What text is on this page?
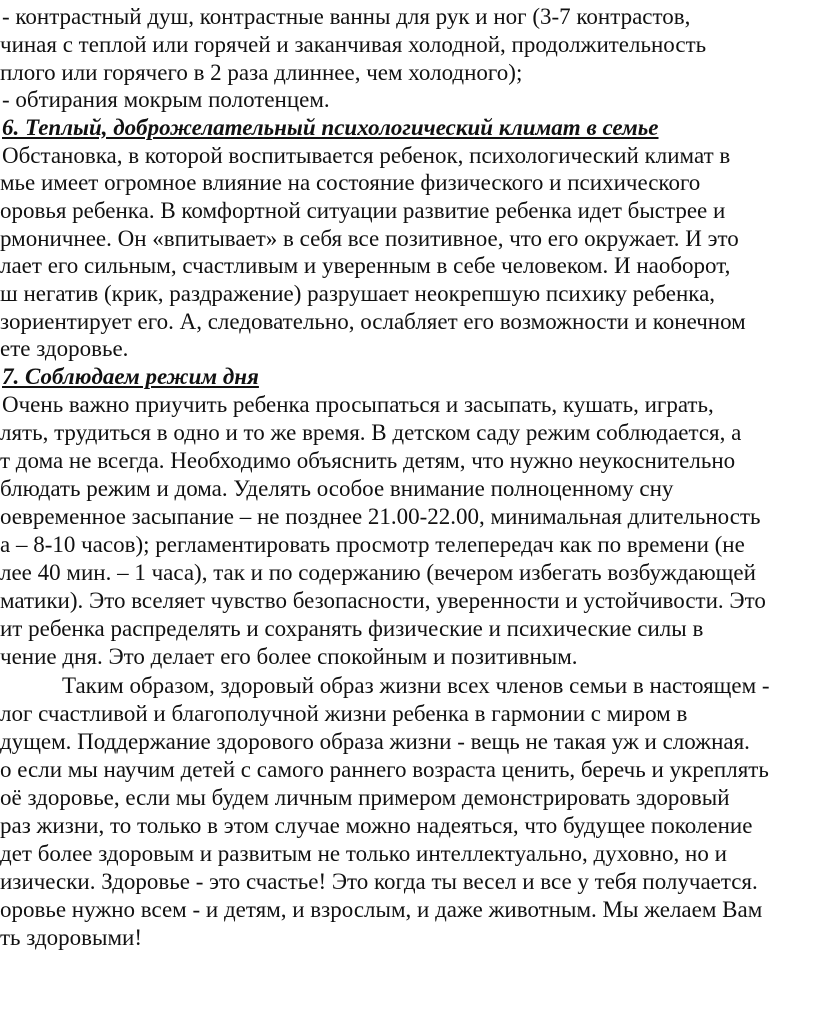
- контрастный душ, контрастные ванны для рук и ног (3-7 контрастов,
чиная с теплой или горячей и заканчивая холодной, продолжительность
плого или горячего в 2 раза длиннее, чем холодного);
- обтирания мокрым полотенцем.
6. Теплый, доброжелательный психологический климат в семье
Обстановка, в которой воспитывается ребенок, психологический климат в
мье имеет огромное влияние на состояние физического и психического
оровья ребенка. В комфортной ситуации развитие ребенка идет быстрее и
рмоничнее. Он «впитывает» в себя все позитивное, что его окружает. И это
лает его сильным, счастливым и уверенным в себе человеком. И наоборот,
ш негатив (крик, раздражение) разрушает неокрепшую психику ребенка,
зориентирует его. А, следовательно, ослабляет его возможности и конечном
ете здоровье.
7. Соблюдаем режим дня
Очень важно приучить ребенка просыпаться и засыпать, кушать, играть,
лять, трудиться в одно и то же время. В детском саду режим соблюдается, а
т дома не всегда. Необходимо объяснить детям, что нужно неукоснительно
блюдать режим и дома. Уделять особое внимание полноценному сну
оевременное засыпание – не позднее 21.00-22.00, минимальная длительность
а – 8-10 часов); регламентировать просмотр телепередач как по времени (не
лее 40 мин. – 1 часа), так и по содержанию (вечером избегать возбуждающей
матики). Это вселяет чувство безопасности, уверенности и устойчивости. Это
ит ребенка распределять и сохранять физические и психические силы в
чение дня. Это делает его более спокойным и позитивным.
Таким образом, здоровый образ жизни всех членов семьи в настоящем -
лог счастливой и благополучной жизни ребенка в гармонии с миром в
дущем. Поддержание здорового образа жизни - вещь не такая уж и сложная.
о если мы научим детей с самого раннего возраста ценить, беречь и укреплять
оё здоровье, если мы будем личным примером демонстрировать здоровый
раз жизни, то только в этом случае можно надеяться, что будущее поколение
дет более здоровым и развитым не только интеллектуально, духовно, но и
изически. Здоровье - это счастье! Это когда ты весел и все у тебя получается.
оровье нужно всем - и детям, и взрослым, и даже животным. Мы желаем Вам
ть здоровыми!
